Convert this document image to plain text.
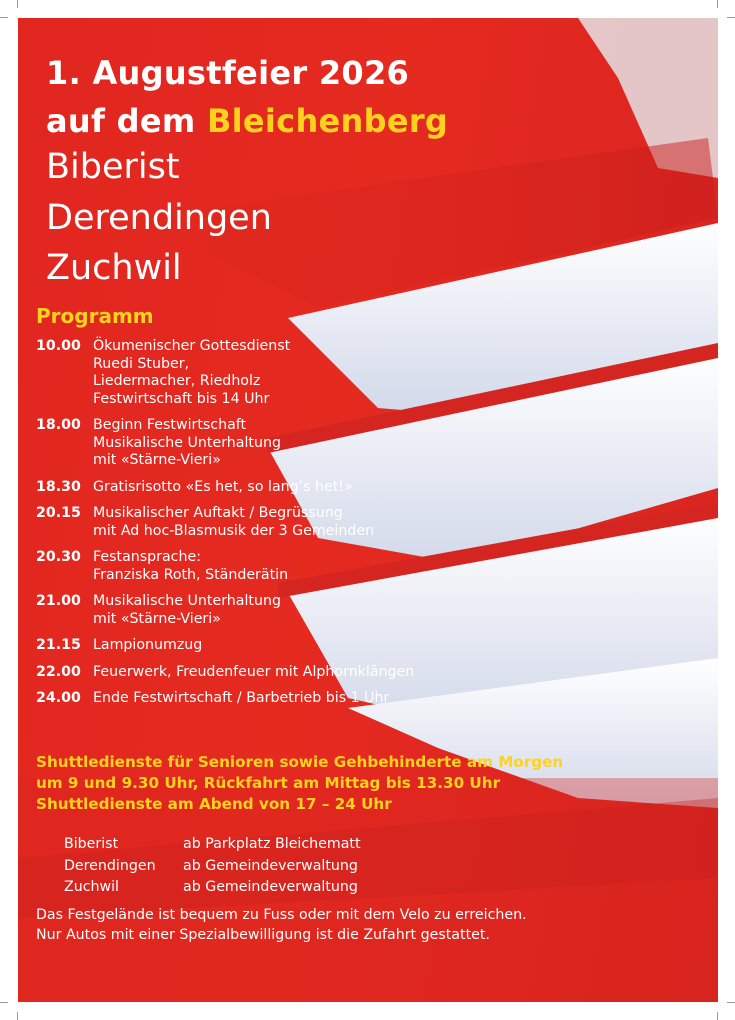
1. Augustfeier 2026
auf dem Bleichenberg
Biberist
Derendingen
Zuchwil
Programm
10.00 Ökumenischer Gottesdienst
Ruedi Stuber,
Liedermacher, Riedholz
Festwirtschaft bis 14 Uhr
18.00 Beginn Festwirtschaft
Musikalische Unterhaltung
mit «Stärne-Vieri»
18.30 Gratisrisotto «Es het, so lang’s het!»
20.15 Musikalischer Auftakt / Begrüssung
mit Ad hoc-Blasmusik der 3 Gemeinden
20.30 Festansprache:
Franziska Roth, Ständerätin
21.00 Musikalische Unterhaltung
mit «Stärne-Vieri»
21.15 Lampionumzug
22.00 Feuerwerk, Freudenfeuer mit Alphornklängen
24.00 Ende Festwirtschaft / Barbetrieb bis 1 Uhr
Shuttledienste für Senioren sowie Gehbehinderte am Morgen
um 9 und 9.30 Uhr, Rückfahrt am Mittag bis 13.30 Uhr
Shuttledienste am Abend von 17 – 24 Uhr
Biberist	ab Parkplatz Bleichematt
Derendingen	ab Gemeindeverwaltung
Zuchwil	ab Gemeindeverwaltung
Das Festgelände ist bequem zu Fuss oder mit dem Velo zu erreichen.
Nur Autos mit einer Spezialbewilligung ist die Zufahrt gestattet.
